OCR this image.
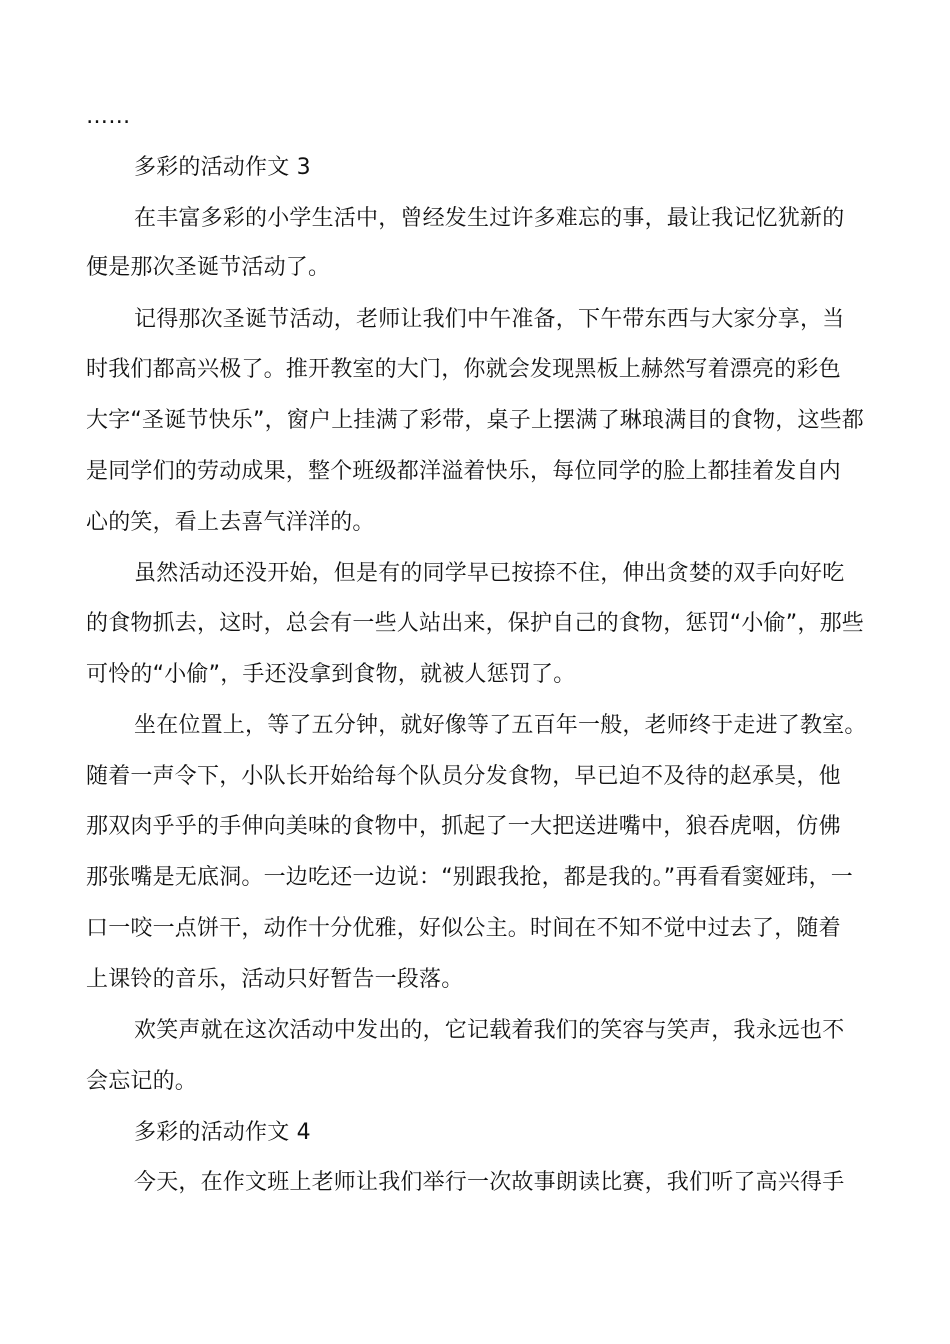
……
多彩的活动作文 3
在丰富多彩的小学生活中，曾经发生过许多难忘的事，最让我记忆犹新的
便是那次圣诞节活动了。
记得那次圣诞节活动，老师让我们中午准备，下午带东西与大家分享，当
时我们都高兴极了。推开教室的大门，你就会发现黑板上赫然写着漂亮的彩色
大字“圣诞节快乐”，窗户上挂满了彩带，桌子上摆满了琳琅满目的食物，这些都
是同学们的劳动成果，整个班级都洋溢着快乐，每位同学的脸上都挂着发自内
心的笑，看上去喜气洋洋的。
虽然活动还没开始，但是有的同学早已按捺不住，伸出贪婪的双手向好吃
的食物抓去，这时，总会有一些人站出来，保护自己的食物，惩罚“小偷”，那些
可怜的“小偷”，手还没拿到食物，就被人惩罚了。
坐在位置上，等了五分钟，就好像等了五百年一般，老师终于走进了教室。
随着一声令下，小队长开始给每个队员分发食物，早已迫不及待的赵承昊，他
那双肉乎乎的手伸向美味的食物中，抓起了一大把送进嘴中，狼吞虎咽，仿佛
那张嘴是无底洞。一边吃还一边说：“别跟我抢，都是我的。”再看看窦娅玮，一
口一咬一点饼干，动作十分优雅，好似公主。时间在不知不觉中过去了，随着
上课铃的音乐，活动只好暂告一段落。
欢笑声就在这次活动中发出的，它记载着我们的笑容与笑声，我永远也不
会忘记的。
多彩的活动作文 4
今天，在作文班上老师让我们举行一次故事朗读比赛，我们听了高兴得手
